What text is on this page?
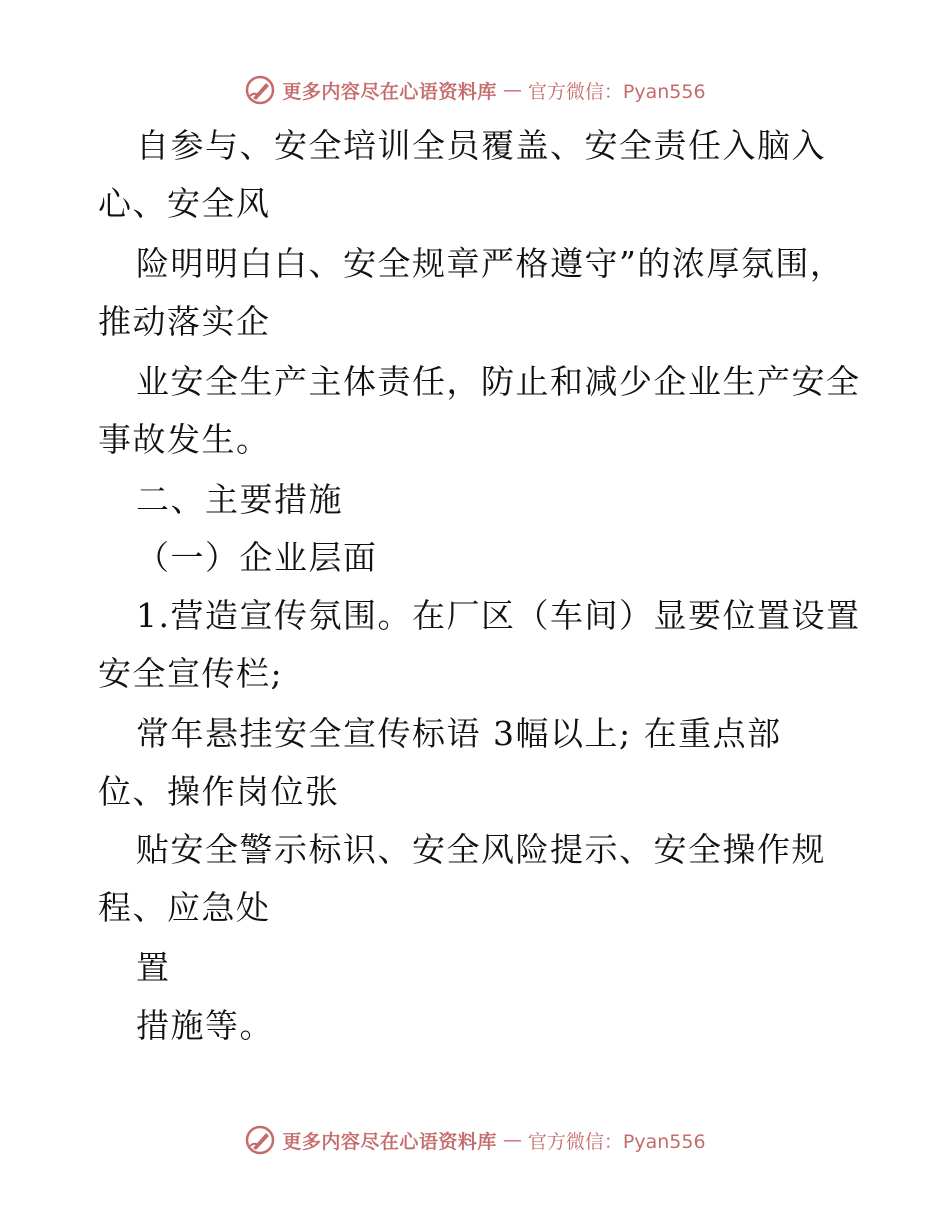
更多内容尽在心语资料库 — 官方微信：Pyan556
自参与、安全培训全员覆盖、安全责任入脑入
心、安全风
险明明白白、安全规章严格遵守”的浓厚氛围，
推动落实企
业安全生产主体责任，防止和减少企业生产安全
事故发生。
二、主要措施
（一）企业层面
1.营造宣传氛围。在厂区（车间）显要位置设置
安全宣传栏;
常年悬挂安全宣传标语 3幅以上; 在重点部
位、操作岗位张
贴安全警示标识、安全风险提示、安全操作规
程、应急处
置
措施等。
更多内容尽在心语资料库 — 官方微信：Pyan556
